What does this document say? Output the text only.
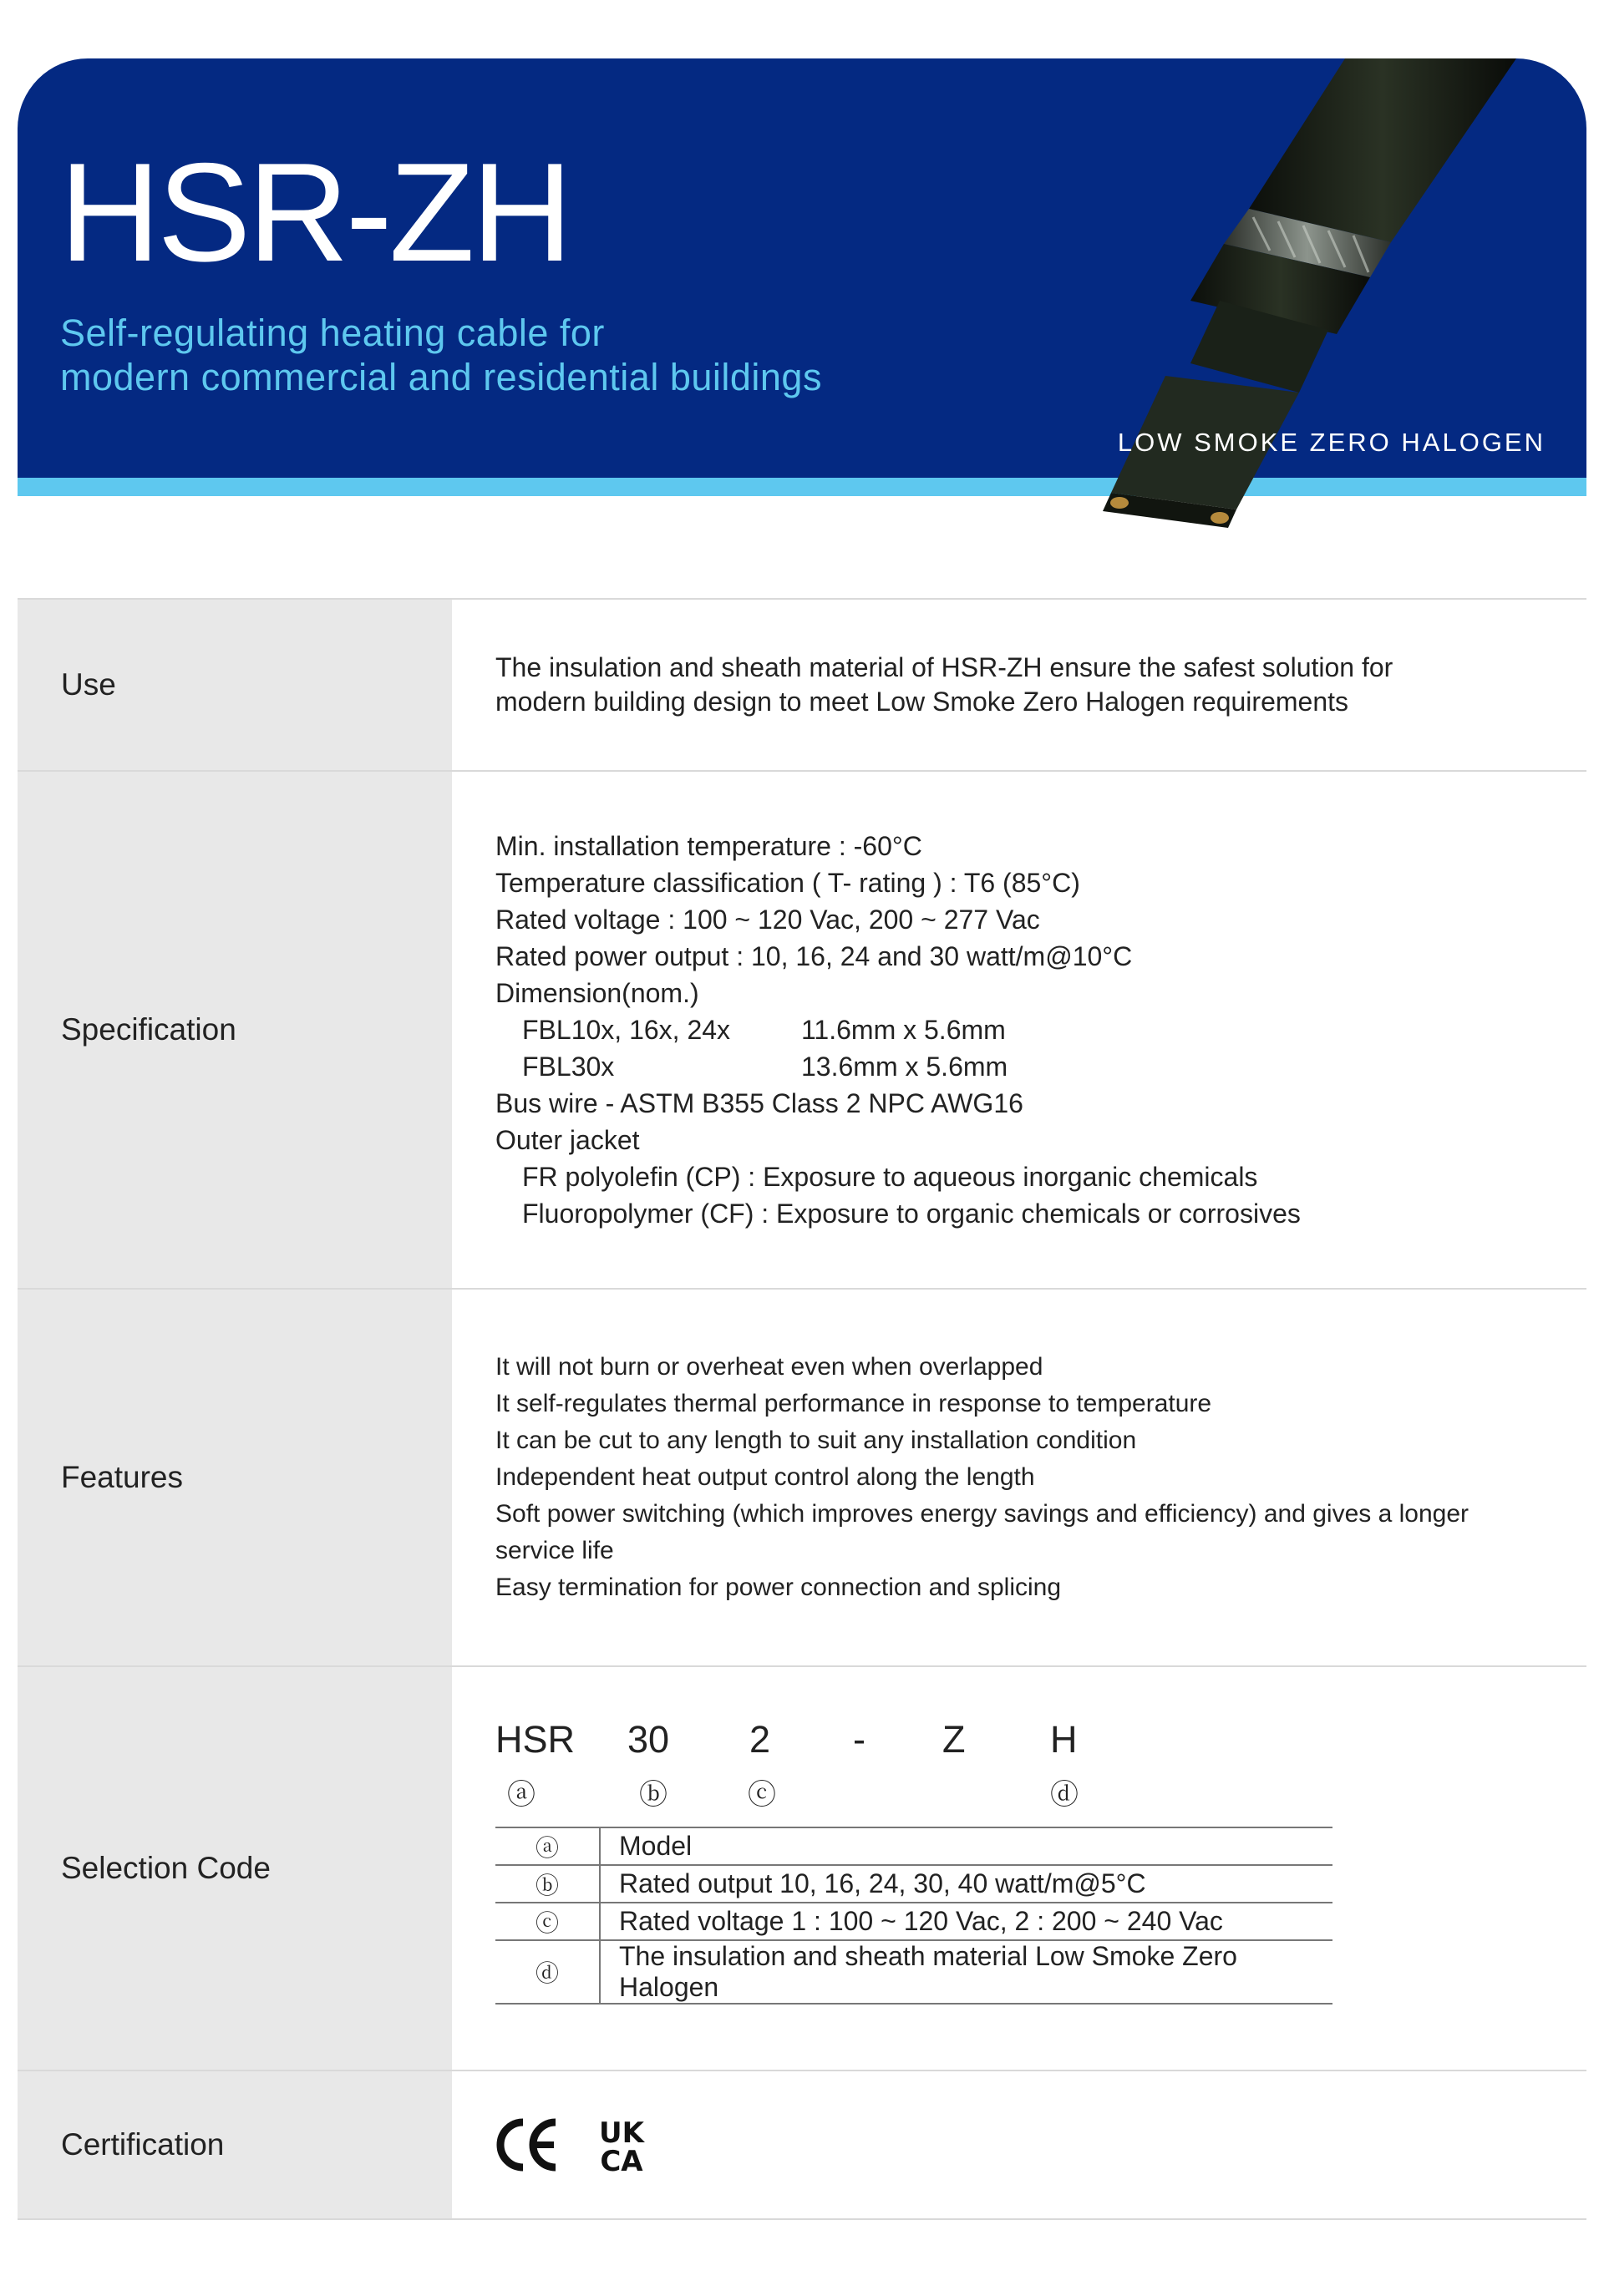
HSR-ZH

Self-regulating heating cable for
modern commercial and residential buildings

LOW SMOKE ZERO HALOGEN

Use	The insulation and sheath material of HSR-ZH ensure the safest solution for

modern building design to meet Low Smoke Zero Halogen requirements

Specification

Min. installation temperature : -60°C

Temperature classification ( T- rating ) : T6 (85°C)

Rated voltage : 100 ~ 120 Vac, 200 ~ 277 Vac

Rated power output : 10, 16, 24 and 30 watt/m@10°C

Dimension(nom.)

FBL10x, 16x, 24x	11.6mm x 5.6mm
FBL30x	13.6mm x 5.6mm

Bus wire - ASTM B355 Class 2 NPC AWG16

Outer jacket

FR polyolefin (CP) : Exposure to aqueous inorganic chemicals

Fluoropolymer (CF) : Exposure to organic chemicals or corrosives

Features

It will not burn or overheat even when overlapped

It self-regulates thermal performance in response to temperature

It can be cut to any length to suit any installation condition

Independent heat output control along the length

Soft power switching (which improves energy savings and efficiency) and gives a longer

service life

Easy termination for power connection and splicing

Selection Code
HSR 30 2 - Z H
ⓐ	ⓑ	ⓒ	ⓓ
ⓐ	Model
ⓑ	Rated output 10, 16, 24, 30, 40 watt/m@5°C
ⓒ	Rated voltage 1 : 100 ~ 120 Vac, 2 : 200 ~ 240 Vac
ⓓ	The insulation and sheath material Low Smoke Zero Halogen
Certification	UK
CA
